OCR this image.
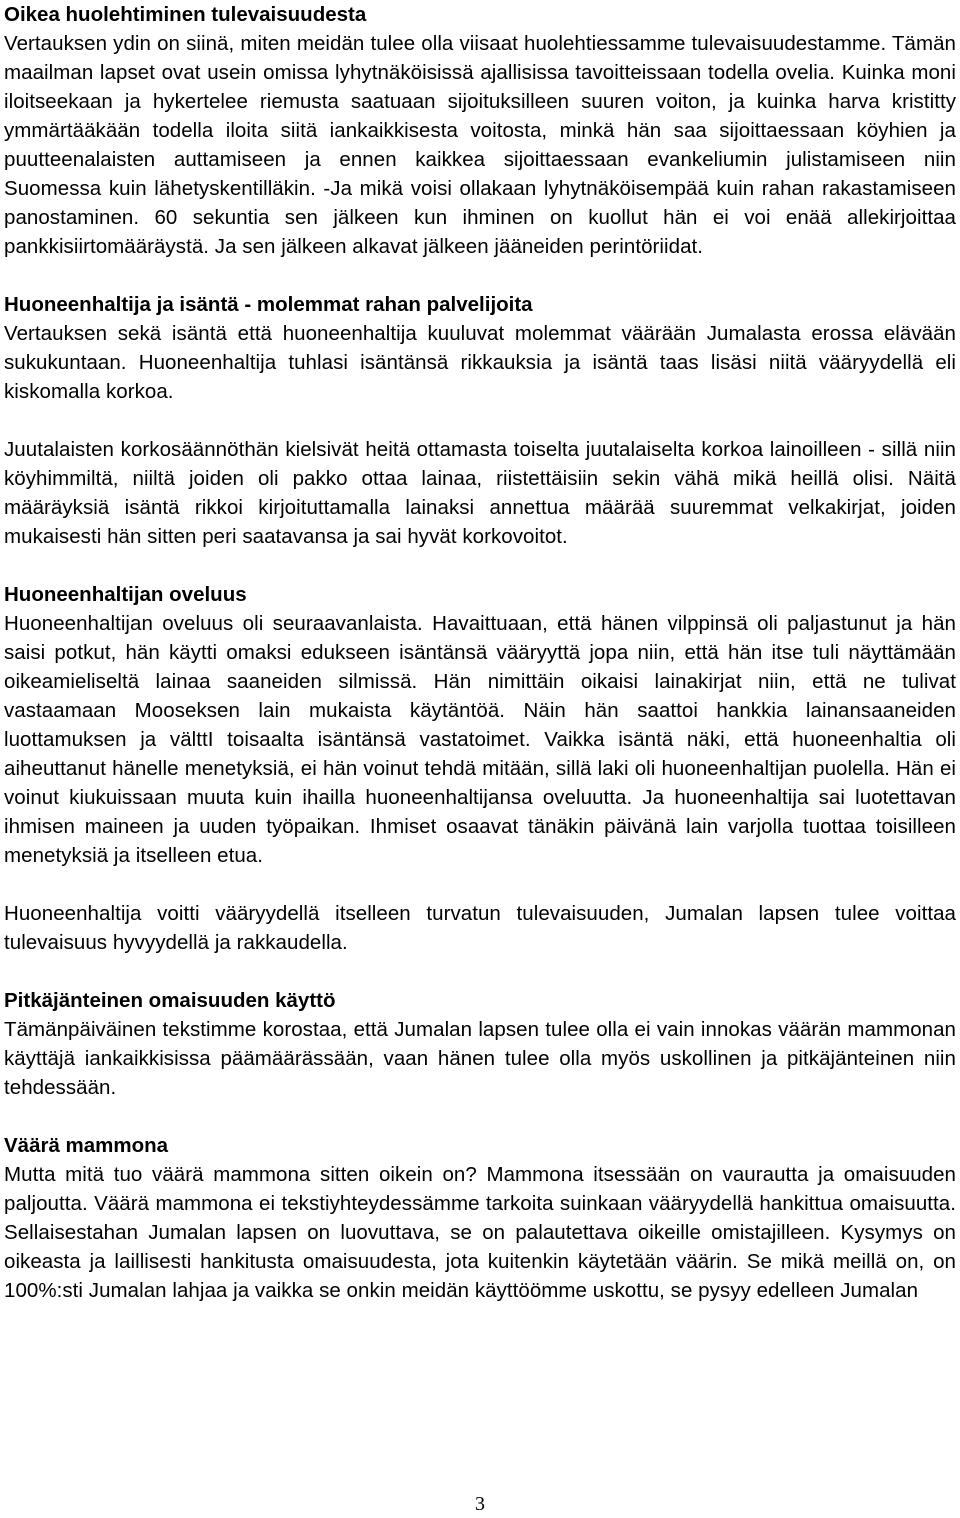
Oikea huolehtiminen tulevaisuudesta

Vertauksen ydin on siinä, miten meidän tulee olla viisaat huolehtiessamme tulevaisuudestamme. Tämän maailman lapset ovat usein omissa lyhytnäköisissä ajallisissa tavoitteissaan todella ovelia. Kuinka moni iloitseekaan ja hykertelee riemusta saatuaan sijoituksilleen suuren voiton, ja kuinka harva kristitty ymmärtääkään todella iloita siitä iankaikkisesta voitosta, minkä hän saa sijoittaessaan köyhien ja puutteenalaisten auttamiseen ja ennen kaikkea sijoittaessaan evankeliumin julistamiseen niin Suomessa kuin lähetyskentilläkin. -Ja mikä voisi ollakaan lyhytnäköisempää kuin rahan rakastamiseen panostaminen. 60 sekuntia sen jälkeen kun ihminen on kuollut hän ei voi enää allekirjoittaa pankkisiirtomääräystä. Ja sen jälkeen alkavat jälkeen jääneiden perintöriidat.

Huoneenhaltija ja isäntä - molemmat rahan palvelijoita

Vertauksen sekä isäntä että huoneenhaltija kuuluvat molemmat väärään Jumalasta erossa elävään sukukuntaan. Huoneenhaltija tuhlasi isäntänsä rikkauksia ja isäntä taas lisäsi niitä vääryydellä eli kiskomalla korkoa.

Juutalaisten korkosäännöthän kielsivät heitä ottamasta toiselta juutalaiselta korkoa lainoilleen - sillä niin köyhimmiltä, niiltä joiden oli pakko ottaa lainaa, riistettäisiin sekin vähä mikä heillä olisi. Näitä määräyksiä isäntä rikkoi kirjoituttamalla lainaksi annettua määrää suuremmat velkakirjat, joiden mukaisesti hän sitten peri saatavansa ja sai hyvät korkovoitot.

Huoneenhaltijan oveluus

Huoneenhaltijan oveluus oli seuraavanlaista. Havaittuaan, että hänen vilppinsä oli paljastunut ja hän saisi potkut, hän käytti omaksi edukseen isäntänsä vääryyttä jopa niin, että hän itse tuli näyttämään oikeamieliseltä lainaa saaneiden silmissä. Hän nimittäin oikaisi lainakirjat niin, että ne tulivat vastaamaan Mooseksen lain mukaista käytäntöä. Näin hän saattoi hankkia lainansaaneiden luottamuksen ja välttI toisaalta isäntänsä vastatoimet. Vaikka isäntä näki, että huoneenhaltia oli aiheuttanut hänelle menetyksiä, ei hän voinut tehdä mitään, sillä laki oli huoneenhaltijan puolella. Hän ei voinut kiukuissaan muuta kuin ihailla huoneenhaltijansa oveluutta. Ja huoneenhaltija sai luotettavan ihmisen maineen ja uuden työpaikan. Ihmiset osaavat tänäkin päivänä lain varjolla tuottaa toisilleen menetyksiä ja itselleen etua.

Huoneenhaltija voitti vääryydellä itselleen turvatun tulevaisuuden, Jumalan lapsen tulee voittaa tulevaisuus hyvyydellä ja rakkaudella.

Pitkäjänteinen omaisuuden käyttö

Tämänpäiväinen tekstimme korostaa, että Jumalan lapsen tulee olla ei vain innokas väärän mammonan käyttäjä iankaikkisissa päämäärässään, vaan hänen tulee olla myös uskollinen ja pitkäjänteinen niin tehdessään.

Väärä mammona

Mutta mitä tuo väärä mammona sitten oikein on? Mammona itsessään on vaurautta ja omaisuuden paljoutta. Väärä mammona ei tekstiyhteydessämme tarkoita suinkaan vääryydellä hankittua omaisuutta. Sellaisestahan Jumalan lapsen on luovuttava, se on palautettava oikeille omistajilleen. Kysymys on oikeasta ja laillisesti hankitusta omaisuudesta, jota kuitenkin käytetään väärin. Se mikä meillä on, on 100%:sti Jumalan lahjaa ja vaikka se onkin meidän käyttöömme uskottu, se pysyy edelleen Jumalan

3
